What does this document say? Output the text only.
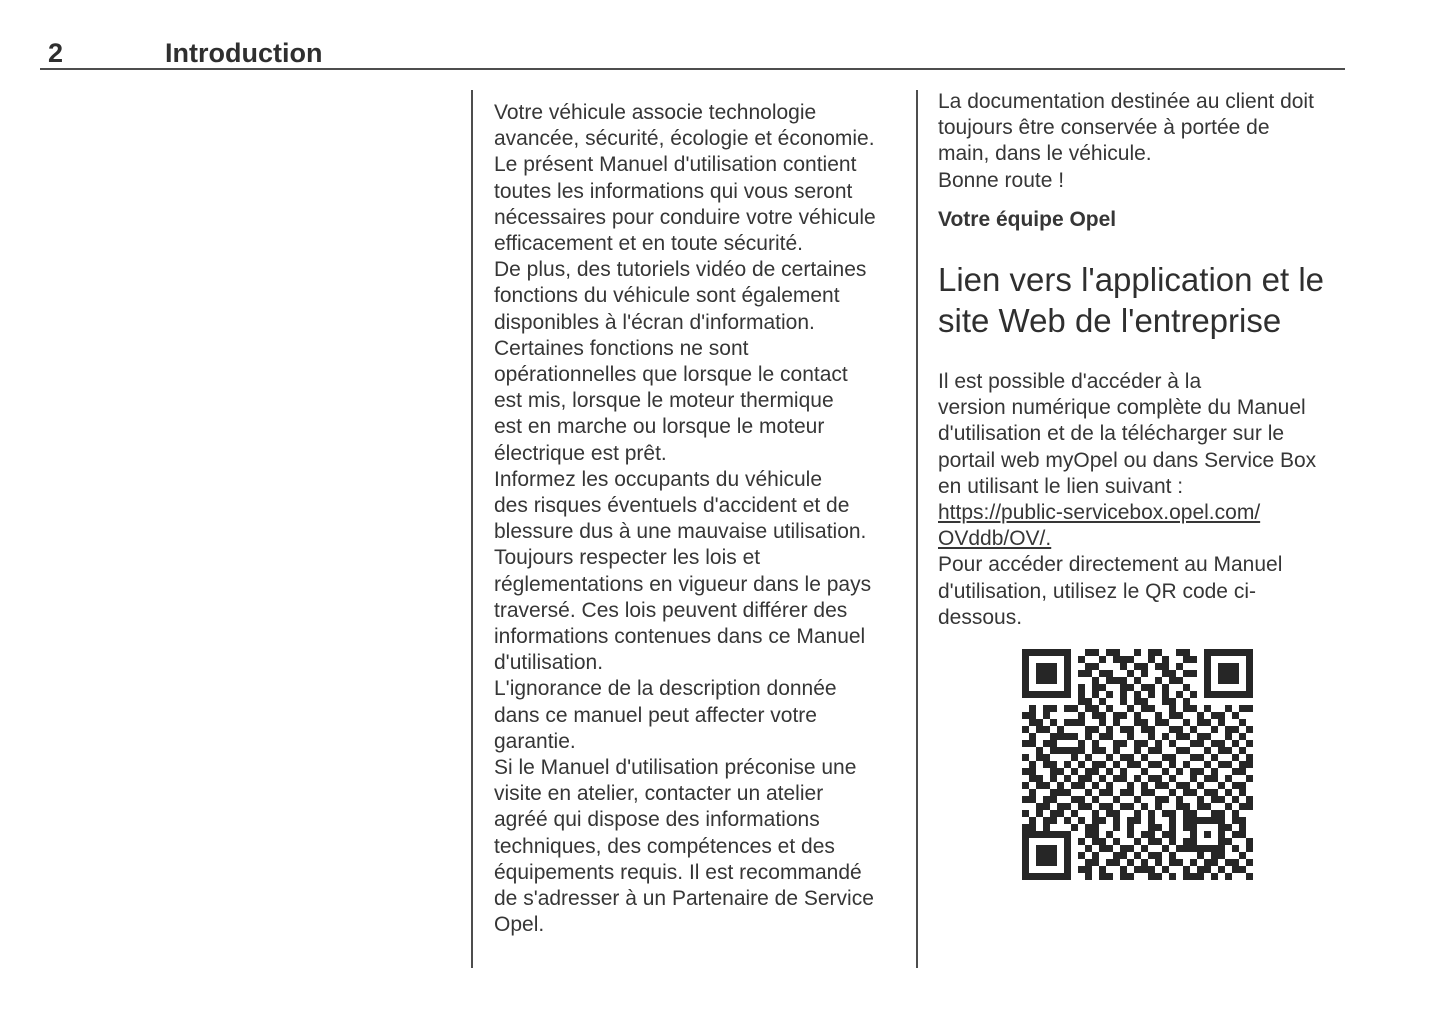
2	Introduction
Votre véhicule associe technologie
avancée, sécurité, écologie et économie.
Le présent Manuel d'utilisation contient
toutes les informations qui vous seront
nécessaires pour conduire votre véhicule
efficacement et en toute sécurité.
De plus, des tutoriels vidéo de certaines
fonctions du véhicule sont également
disponibles à l'écran d'information.
Certaines fonctions ne sont
opérationnelles que lorsque le contact
est mis, lorsque le moteur thermique
est en marche ou lorsque le moteur
électrique est prêt.
Informez les occupants du véhicule
des risques éventuels d'accident et de
blessure dus à une mauvaise utilisation.
Toujours respecter les lois et
réglementations en vigueur dans le pays
traversé. Ces lois peuvent différer des
informations contenues dans ce Manuel
d'utilisation.
L'ignorance de la description donnée
dans ce manuel peut affecter votre
garantie.
Si le Manuel d'utilisation préconise une
visite en atelier, contacter un atelier
agréé qui dispose des informations
techniques, des compétences et des
équipements requis. Il est recommandé
de s'adresser à un Partenaire de Service
Opel.
La documentation destinée au client doit
toujours être conservée à portée de
main, dans le véhicule.
Bonne route !
Votre équipe Opel
Lien vers l'application et le
site Web de l'entreprise
Il est possible d'accéder à la
version numérique complète du Manuel
d'utilisation et de la télécharger sur le
portail web myOpel ou dans Service Box
en utilisant le lien suivant :
https://public-servicebox.opel.com/
OVddb/OV/.
Pour accéder directement au Manuel
d'utilisation, utilisez le QR code ci-
dessous.
